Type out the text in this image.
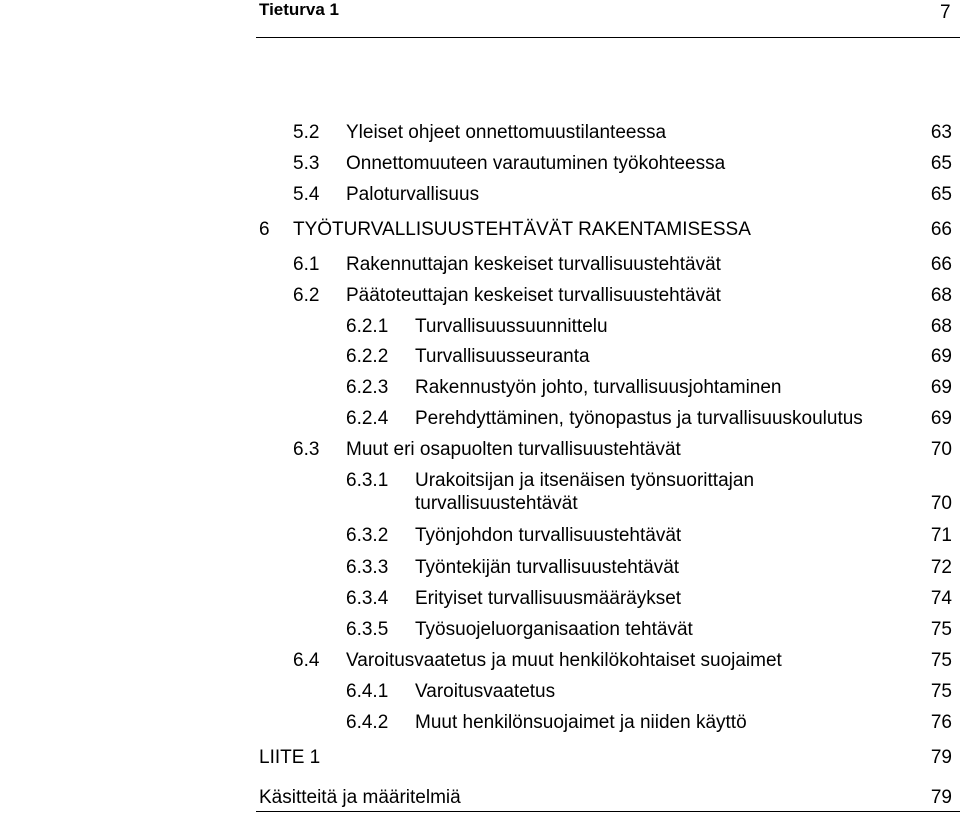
Tieturva 1	7
5.2 Yleiset ohjeet onnettomuustilanteessa	63
5.3 Onnettomuuteen varautuminen työkohteessa	65
5.4 Paloturvallisuus	65
6 TYÖTURVALLISUUSTEHTÄVÄT RAKENTAMISESSA	66
6.1 Rakennuttajan keskeiset turvallisuustehtävät	66
6.2 Päätoteuttajan keskeiset turvallisuustehtävät	68
6.2.1 Turvallisuussuunnittelu	68
6.2.2 Turvallisuusseuranta	69
6.2.3 Rakennustyön johto, turvallisuusjohtaminen	69
6.2.4 Perehdyttäminen, työnopastus ja turvallisuuskoulutus	69
6.3 Muut eri osapuolten turvallisuustehtävät	70
6.3.1 Urakoitsijan ja itsenäisen työnsuorittajan
turvallisuustehtävät	70
6.3.2 Työnjohdon turvallisuustehtävät	71
6.3.3 Työntekijän turvallisuustehtävät	72
6.3.4 Erityiset turvallisuusmääräykset	74
6.3.5 Työsuojeluorganisaation tehtävät	75
6.4 Varoitusvaatetus ja muut henkilökohtaiset suojaimet	75
6.4.1 Varoitusvaatetus	75
6.4.2 Muut henkilönsuojaimet ja niiden käyttö	76
LIITE 1	79
Käsitteitä ja määritelmiä	79
